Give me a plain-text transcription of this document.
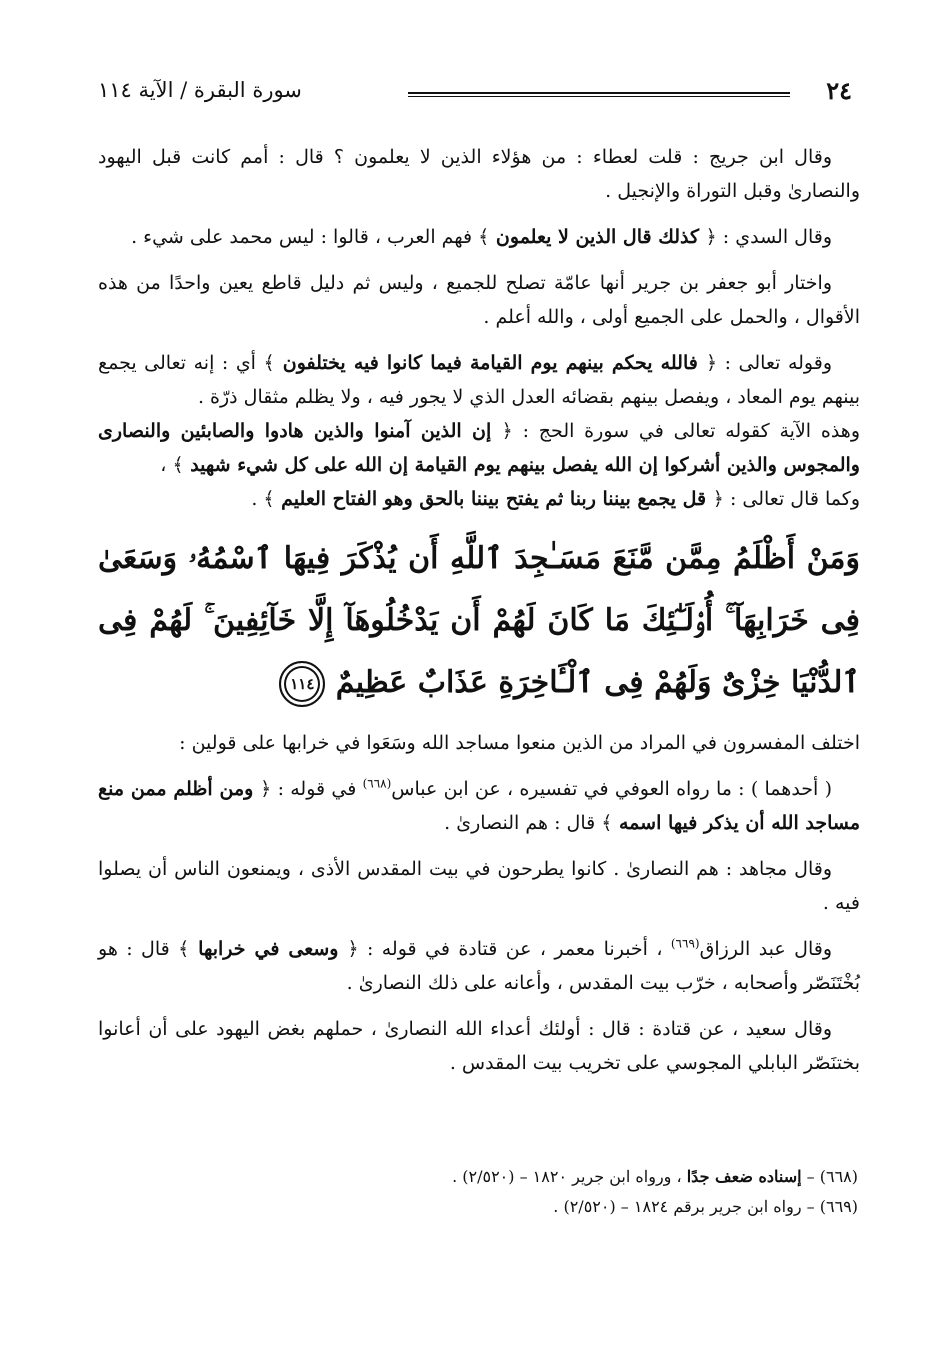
٢٤
سورة البقرة / الآية ١١٤

وقال ابن جريج : قلت لعطاء : من هؤلاء الذين لا يعلمون ؟ قال : أمم كانت قبل اليهود والنصارىٰ وقبل التوراة والإنجيل .

وقال السدي : ﴿ كذلك قال الذين لا يعلمون ﴾ فهم العرب ، قالوا : ليس محمد على شيء .

واختار أبو جعفر بن جرير أنها عامّة تصلح للجميع ، وليس ثم دليل قاطع يعين واحدًا من هذه الأقوال ، والحمل على الجميع أولى ، والله أعلم .

وقوله تعالى : ﴿ فالله يحكم بينهم يوم القيامة فيما كانوا فيه يختلفون ﴾ أي : إنه تعالى يجمع بينهم يوم المعاد ، ويفصل بينهم بقضائه العدل الذي لا يجور فيه ، ولا يظلم مثقال ذرّة .

وهذه الآية كقوله تعالى في سورة الحج : ﴿ إن الذين آمنوا والذين هادوا والصابئين والنصارى والمجوس والذين أشركوا إن الله يفصل بينهم يوم القيامة إن الله على كل شيء شهيد ﴾ ،

وكما قال تعالى : ﴿ قل يجمع بيننا ربنا ثم يفتح بيننا بالحق وهو الفتاح العليم ﴾ .

وَمَنْ أَظْلَمُ مِمَّن مَّنَعَ مَسَـٰجِدَ ٱللَّهِ أَن يُذْكَرَ فِيهَا ٱسْمُهُۥ وَسَعَىٰ فِى خَرَابِهَآ ۚ أُو۟لَـٰٓئِكَ مَا كَانَ لَهُمْ أَن يَدْخُلُوهَآ إِلَّا خَآئِفِينَ ۚ لَهُمْ فِى ٱلدُّنْيَا خِزْىٌ وَلَهُمْ فِى ٱلْـَٔاخِرَةِ عَذَابٌ عَظِيمٌ ١١٤

اختلف المفسرون في المراد من الذين منعوا مساجد الله وسَعَوا في خرابها على قولين :

( أحدهما ) : ما رواه العوفي في تفسيره ، عن ابن عباس$^{(٦٦٨)}$ في قوله : ﴿ ومن أظلم ممن منع مساجد الله أن يذكر فيها اسمه ﴾ قال : هم النصارىٰ .

وقال مجاهد : هم النصارىٰ . كانوا يطرحون في بيت المقدس الأذى ، ويمنعون الناس أن يصلوا فيه .

وقال عبد الرزاق$^{(٦٦٩)}$ ، أخبرنا معمر ، عن قتادة في قوله : ﴿ وسعى في خرابها ﴾ قال : هو بُخْتَنَصّر وأصحابه ، خرّب بيت المقدس ، وأعانه على ذلك النصارىٰ .

وقال سعيد ، عن قتادة : قال : أولئك أعداء الله النصارىٰ ، حملهم بغض اليهود على أن أعانوا بختنَصّر البابلي المجوسي على تخريب بيت المقدس .

(٦٦٨) – إسناده ضعف جدًا ، ورواه ابن جرير ١٨٢٠ – (٢/٥٢٠) .
(٦٦٩) – رواه ابن جرير برقم ١٨٢٤ – (٢/٥٢٠) .
